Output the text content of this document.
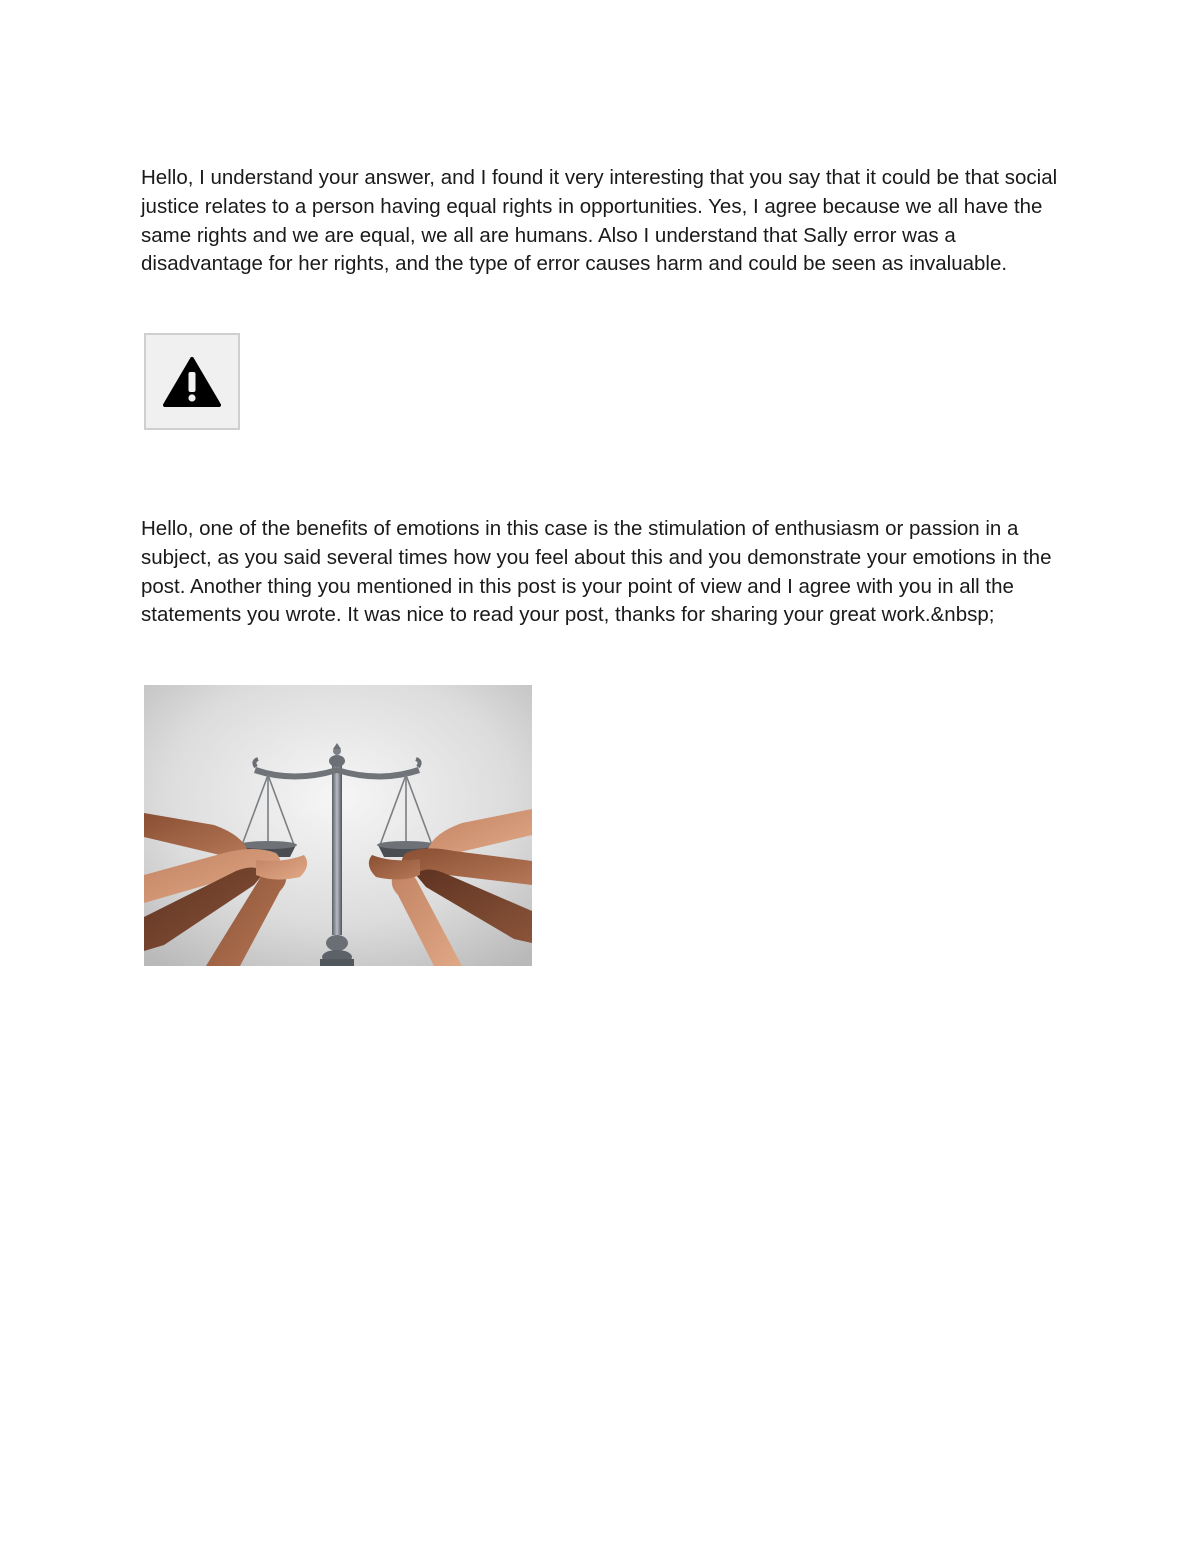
Hello, I understand your answer, and I found it very interesting that you say that it could be that social justice relates to a person having equal rights in opportunities. Yes, I agree because we all have the same rights and we are equal, we all are humans. Also I understand that Sally error was a disadvantage for her rights, and the type of error causes harm and could be seen as invaluable.

Hello, one of the benefits of emotions in this case is the stimulation of enthusiasm or passion in a subject, as you said several times how you feel about this and you demonstrate your emotions in the post. Another thing you mentioned in this post is your point of view and I agree with you in all the statements you wrote. It was nice to read your post, thanks for sharing your great work.&nbsp;
